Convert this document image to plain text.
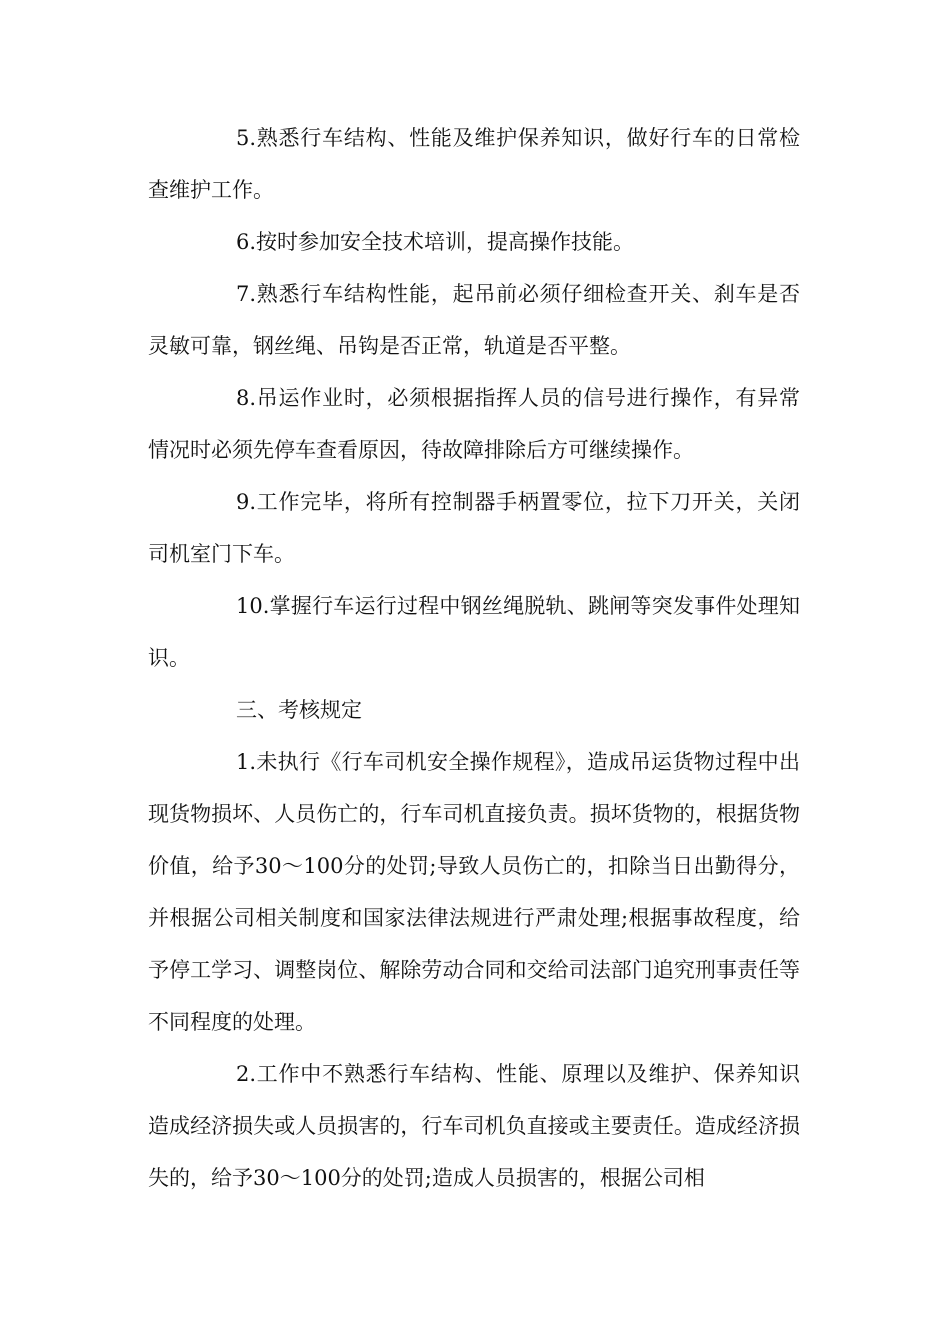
5.熟悉行车结构、性能及维护保养知识，做好行车的日常检查维护工作。

6.按时参加安全技术培训，提高操作技能。

7.熟悉行车结构性能，起吊前必须仔细检查开关、刹车是否灵敏可靠，钢丝绳、吊钩是否正常，轨道是否平整。

8.吊运作业时，必须根据指挥人员的信号进行操作，有异常情况时必须先停车查看原因，待故障排除后方可继续操作。

9.工作完毕，将所有控制器手柄置零位，拉下刀开关，关闭司机室门下车。

10.掌握行车运行过程中钢丝绳脱轨、跳闸等突发事件处理知识。

三、考核规定

1.未执行《行车司机安全操作规程》，造成吊运货物过程中出现货物损坏、人员伤亡的，行车司机直接负责。损坏货物的，根据货物价值，给予30～100分的处罚;导致人员伤亡的，扣除当日出勤得分，并根据公司相关制度和国家法律法规进行严肃处理;根据事故程度，给予停工学习、调整岗位、解除劳动合同和交给司法部门追究刑事责任等不同程度的处理。

2.工作中不熟悉行车结构、性能、原理以及维护、保养知识造成经济损失或人员损害的，行车司机负直接或主要责任。造成经济损失的，给予30～100分的处罚;造成人员损害的，根据公司相
